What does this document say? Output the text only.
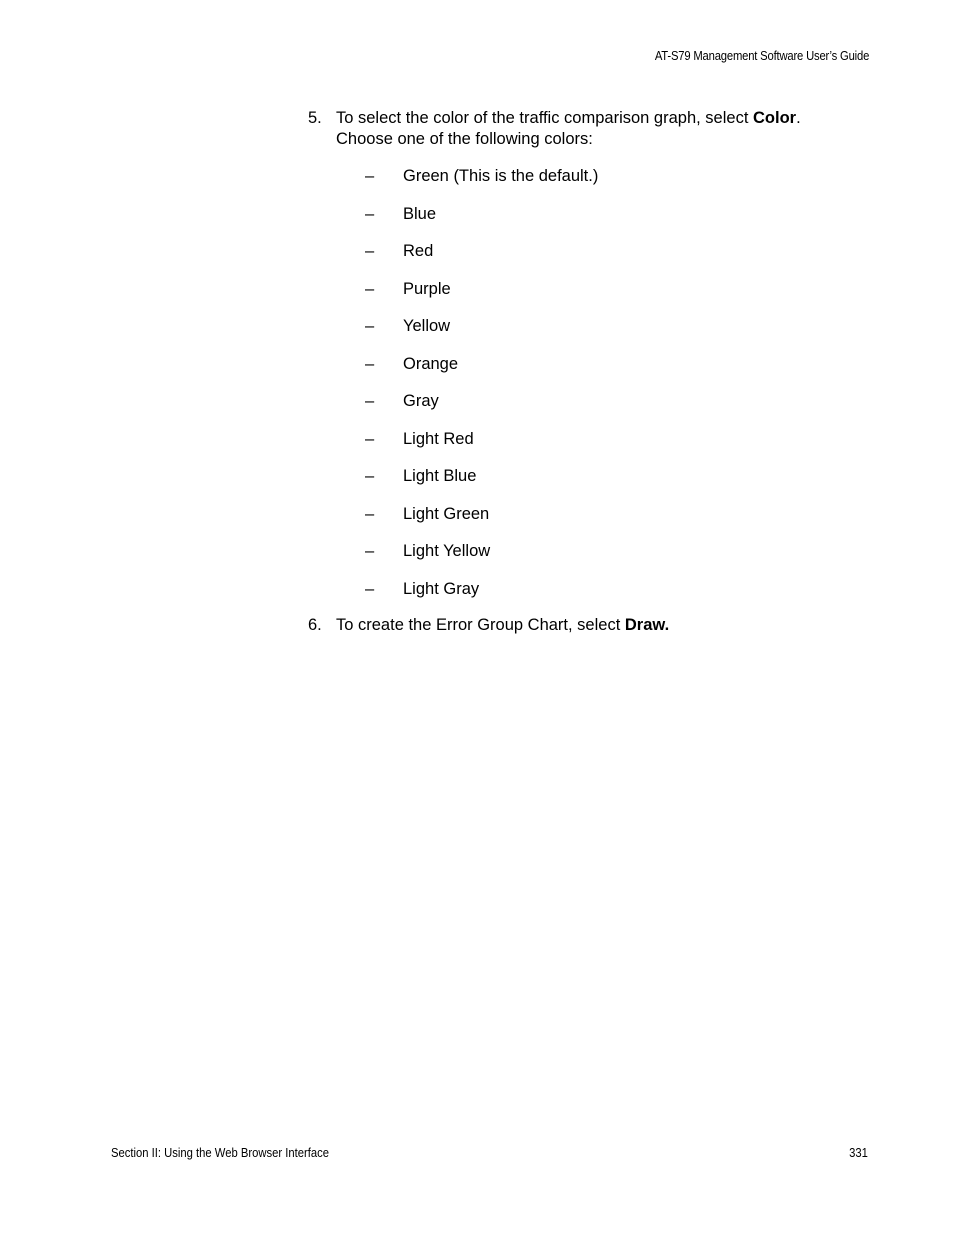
AT-S79 Management Software User’s Guide
5. To select the color of the traffic comparison graph, select Color. Choose one of the following colors:
– Green (This is the default.)
– Blue
– Red
– Purple
– Yellow
– Orange
– Gray
– Light Red
– Light Blue
– Light Green
– Light Yellow
– Light Gray
6. To create the Error Group Chart, select Draw.
Section II: Using the Web Browser Interface	331
